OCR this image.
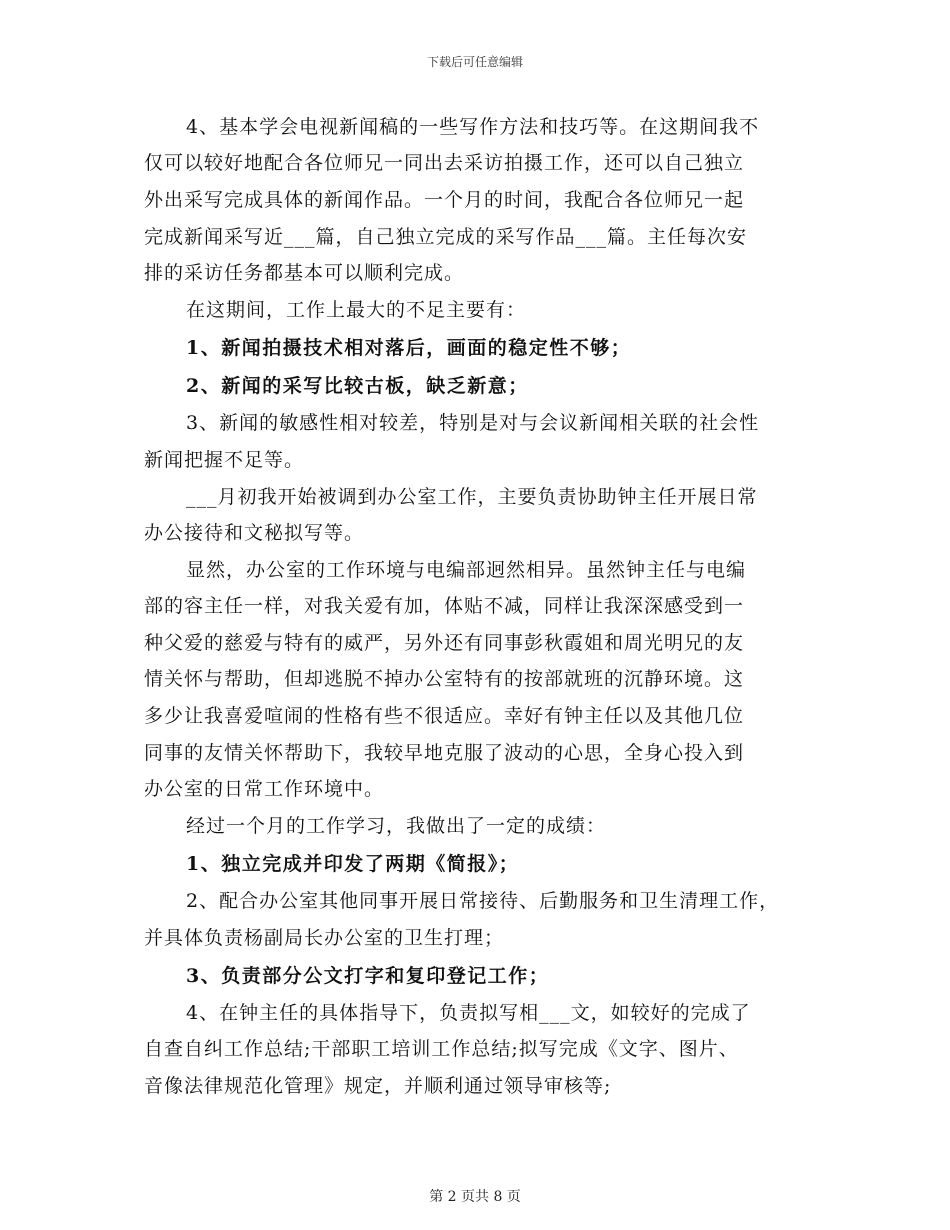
下载后可任意编辑

4、基本学会电视新闻稿的一些写作方法和技巧等。在这期间我不

仅可以较好地配合各位师兄一同出去采访拍摄工作，还可以自己独立

外出采写完成具体的新闻作品。一个月的时间，我配合各位师兄一起

完成新闻采写近___篇，自己独立完成的采写作品___篇。主任每次安

排的采访任务都基本可以顺利完成。

在这期间，工作上最大的不足主要有：

1、新闻拍摄技术相对落后，画面的稳定性不够；

2、新闻的采写比较古板，缺乏新意；

3、新闻的敏感性相对较差，特别是对与会议新闻相关联的社会性

新闻把握不足等。

___月初我开始被调到办公室工作，主要负责协助钟主任开展日常

办公接待和文秘拟写等。

显然，办公室的工作环境与电编部迥然相异。虽然钟主任与电编

部的容主任一样，对我关爱有加，体贴不减，同样让我深深感受到一

种父爱的慈爱与特有的威严，另外还有同事彭秋霞姐和周光明兄的友

情关怀与帮助，但却逃脱不掉办公室特有的按部就班的沉静环境。这

多少让我喜爱喧闹的性格有些不很适应。幸好有钟主任以及其他几位

同事的友情关怀帮助下，我较早地克服了波动的心思，全身心投入到

办公室的日常工作环境中。

经过一个月的工作学习，我做出了一定的成绩：

1、独立完成并印发了两期《简报》；

2、配合办公室其他同事开展日常接待、后勤服务和卫生清理工作，

并具体负责杨副局长办公室的卫生打理；

3、负责部分公文打字和复印登记工作；

4、在钟主任的具体指导下，负责拟写相___文，如较好的完成了

自查自纠工作总结;干部职工培训工作总结;拟写完成《文字、图片、

音像法律规范化管理》规定，并顺利通过领导审核等;

第 2 页共 8 页
